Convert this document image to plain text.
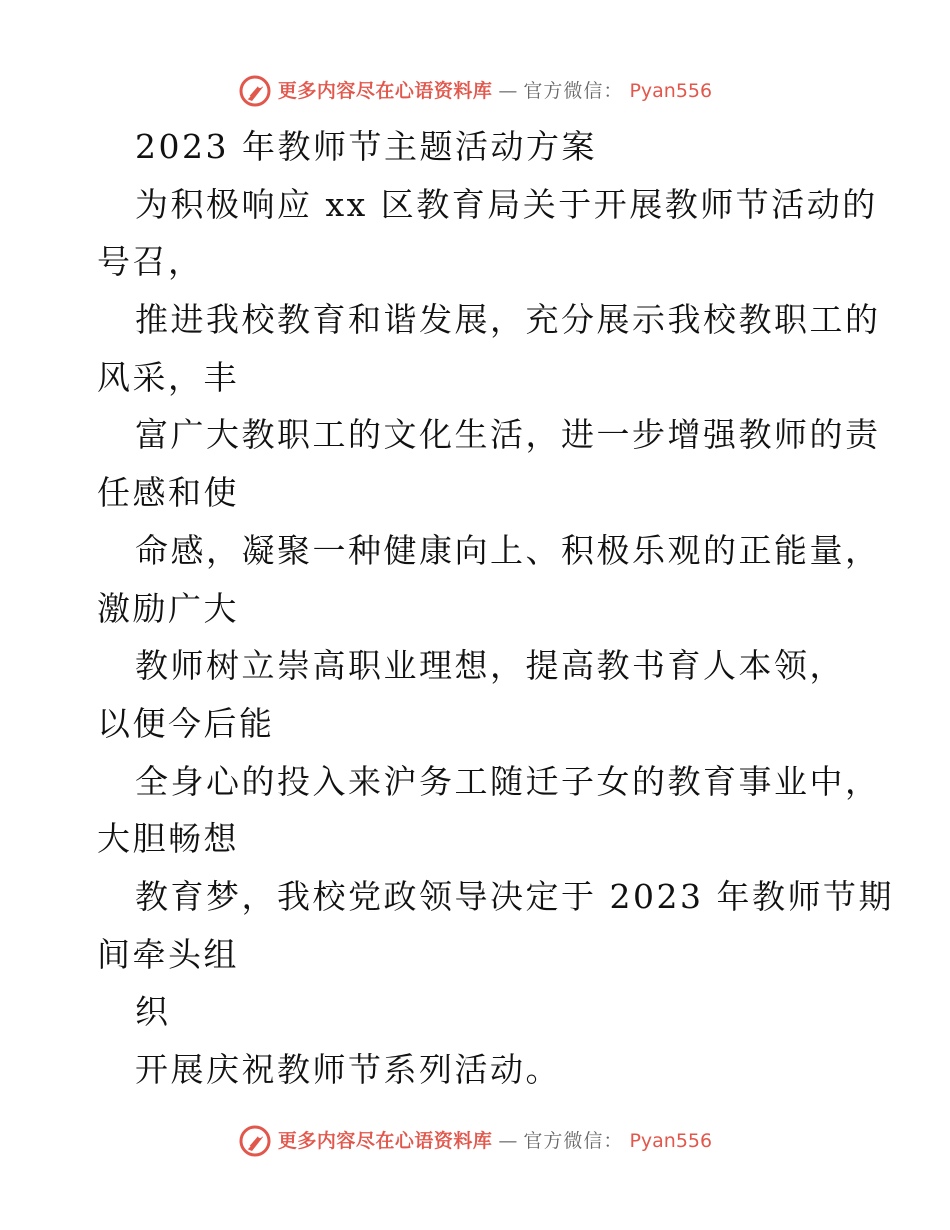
更多内容尽在心语资料库 — 官方微信： Pyan556
2023 年教师节主题活动方案
为积极响应 xx 区教育局关于开展教师节活动的
号召，
推进我校教育和谐发展，充分展示我校教职工的
风采，丰
富广大教职工的文化生活，进一步增强教师的责
任感和使
命感，凝聚一种健康向上、积极乐观的正能量，
激励广大
教师树立崇高职业理想，提高教书育人本领，
以便今后能
全身心的投入来沪务工随迁子女的教育事业中，
大胆畅想
教育梦，我校党政领导决定于 2023 年教师节期
间牵头组
织
开展庆祝教师节系列活动。
更多内容尽在心语资料库 — 官方微信： Pyan556
